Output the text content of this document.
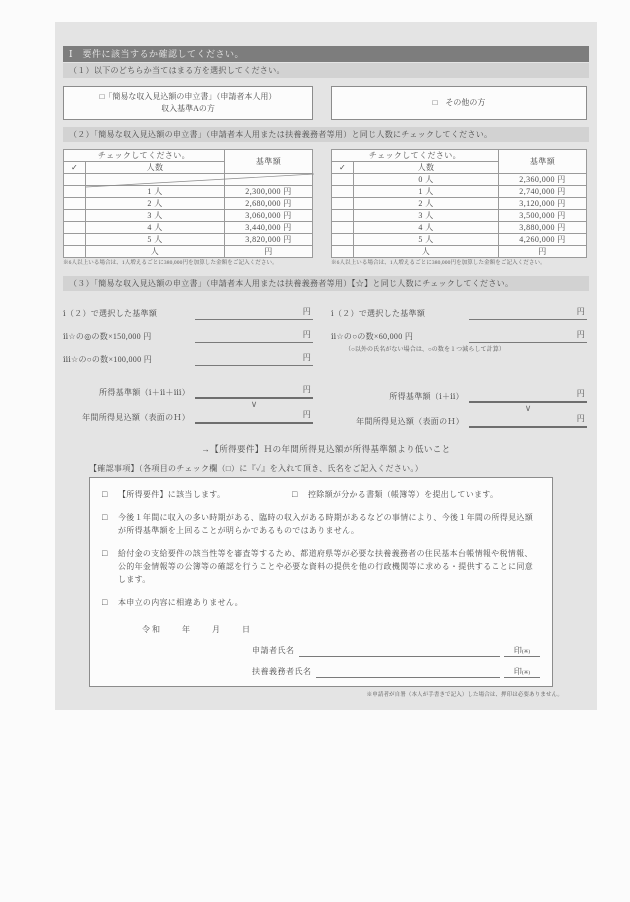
Ⅰ　要件に該当するか確認してください。
（１）以下のどちらか当てはまる方を選択してください。
□「簡易な収入見込額の申立書」（申請者本人用）
収入基準Aの方
□　その他の方
（２）「簡易な収入見込額の申立書」（申請者本人用または扶養義務者等用）と同じ人数にチェックしてください。
チェックしてください。		基準額
✓	人数	

	1 人	2,300,000 円
	2 人	2,680,000 円
	3 人	3,060,000 円
	4 人	3,440,000 円
	5 人	3,820,000 円
	人	円
※6人以上いる場合は、1人増えるごとに380,000円を加算した金額をご記入ください。
チェックしてください。		基準額
✓	人数	
	0 人	2,360,000 円
	1 人	2,740,000 円
	2 人	3,120,000 円
	3 人	3,500,000 円
	4 人	3,880,000 円
	5 人	4,260,000 円
	人	円
※6人以上いる場合は、1人増えるごとに380,000円を加算した金額をご記入ください。
（３）「簡易な収入見込額の申立書」（申請者本人用または扶養義務者等用）【☆】と同じ人数にチェックしてください。
ⅰ（２）で選択した基準額	円
ⅱ☆の◎の数×150,000 円	円
ⅲ☆の○の数×100,000 円	円
所得基準額（ⅰ＋ⅱ＋ⅲ）	円
∨
年間所得見込額（表面のＨ）	円
ⅰ（２）で選択した基準額	円
ⅱ☆の○の数×60,000 円	円
（○以外の氏名がない場合は、○の数を１つ減らして計算）
所得基準額（ⅰ＋ⅱ）	円
∨
年間所得見込額（表面のＨ）	円
→【所得要件】Ｈの年間所得見込額が所得基準額より低いこと
【確認事項】（各項目のチェック欄（□）に『✓』を入れて頂き、氏名をご記入ください。）
□	【所得要件】に該当します。	□	控除額が分かる書類（帳簿等）を提出しています。
□	今後１年間に収入の多い時期がある、臨時の収入がある時期があるなどの事情により、今後１年間の所得見込額が所得基準額を上回ることが明らかであるものではありません。
□	給付金の支給要件の該当性等を審査等するため、都道府県等が必要な扶養義務者の住民基本台帳情報や税情報、公的年金情報等の公簿等の確認を行うことや必要な資料の提供を他の行政機関等に求める・提供することに同意します。
□	本申立の内容に相違ありません。
令和　　年　　月　　日
申請者氏名	印(※)
扶養義務者氏名	印(※)
※申請者が自署（本人が手書きで記入）した場合は、押印は必要ありません。
